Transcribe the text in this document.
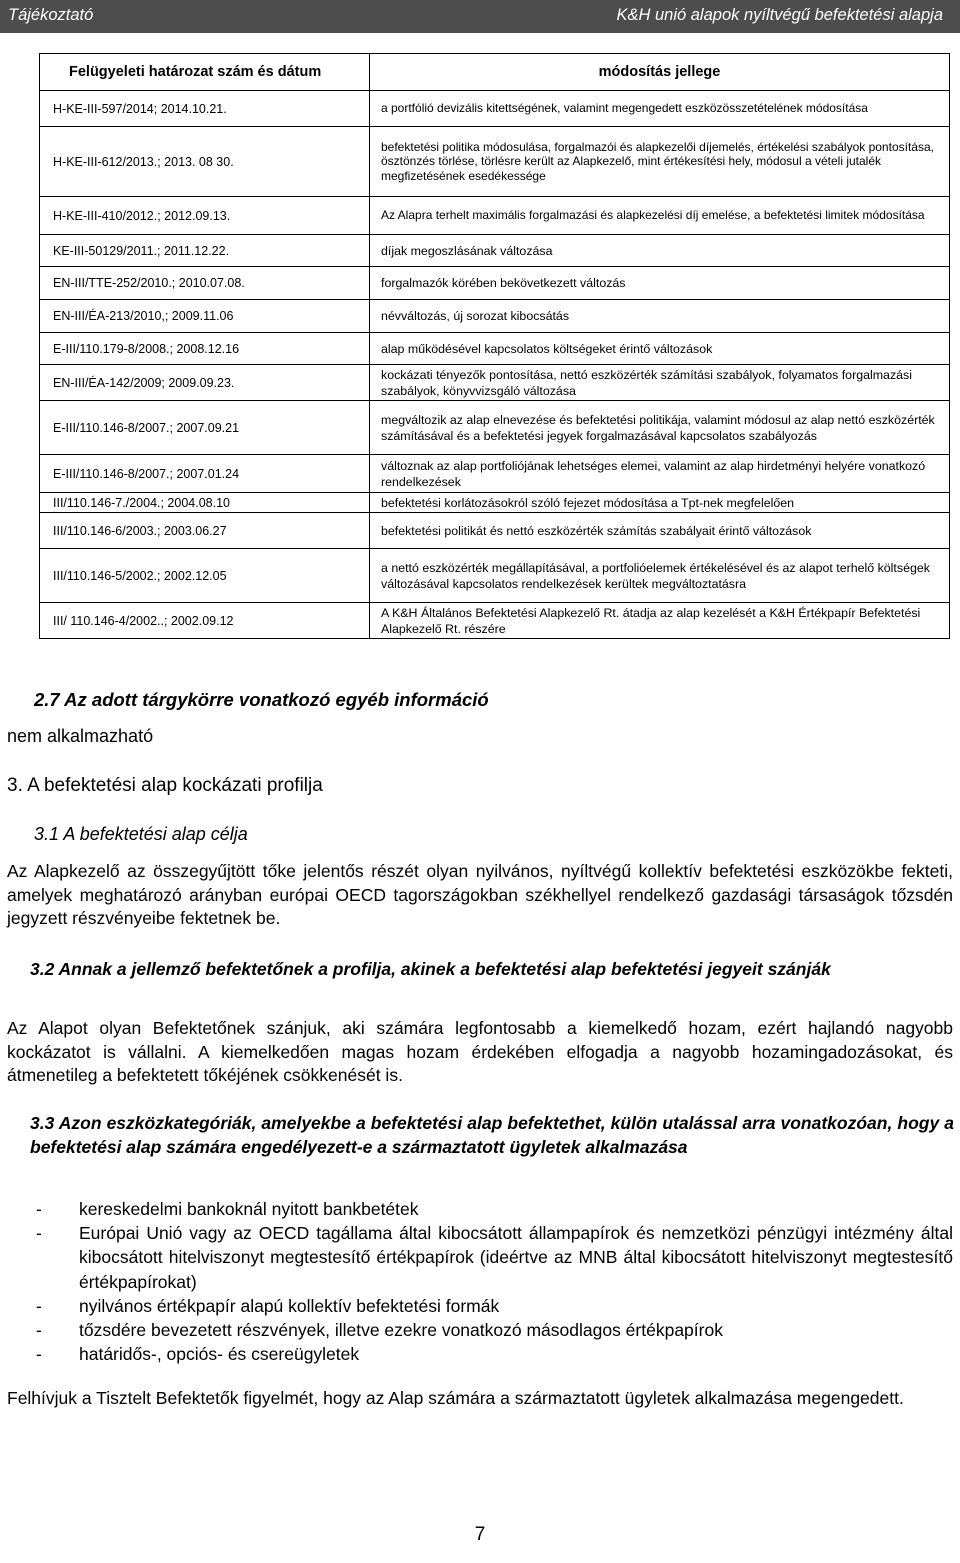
Tájékoztató	K&H unió alapok nyíltvégű befektetési alapja
Felügyeleti határozat szám és dátum	módosítás jellege
H-KE-III-597/2014; 2014.10.21.	a portfólió devizális kitettségének, valamint megengedett eszközösszetételének módosítása

H-KE-III-612/2013.; 2013. 08 30.	befektetési politika módosulása, forgalmazói és alapkezelői díjemelés, értékelési szabályok pontosítása, ösztönzés törlése, törlésre került az Alapkezelő, mint értékesítési hely, módosul a vételi jutalék megfizetésének esedékessége

H-KE-III-410/2012.; 2012.09.13.	Az Alapra terhelt maximális forgalmazási és alapkezelési díj emelése, a befektetési limitek módosítása

KE-III-50129/2011.; 2011.12.22.	díjak megoszlásának változása
EN-III/TTE-252/2010.; 2010.07.08.	forgalmazók körében bekövetkezett változás
EN-III/ÉA-213/2010,; 2009.11.06	névváltozás, új sorozat kibocsátás
E-III/110.179-8/2008.; 2008.12.16	alap működésével kapcsolatos költségeket érintő változások
EN-III/ÉA-142/2009; 2009.09.23.	kockázati tényezők pontosítása, nettó eszközérték számítási szabályok, folyamatos forgalmazási szabályok, könyvvizsgáló változása
E-III/110.146-8/2007.; 2007.09.21	megváltozik az alap elnevezése és befektetési politikája, valamint módosul az alap nettó eszközérték számításával és a befektetési jegyek forgalmazásával kapcsolatos szabályozás
E-III/110.146-8/2007.; 2007.01.24	változnak az alap portfoliójának lehetséges elemei, valamint az alap hirdetményi helyére vonatkozó rendelkezések
III/110.146-7./2004.; 2004.08.10	befektetési korlátozásokról szóló fejezet módosítása a Tpt-nek megfelelően
III/110.146-6/2003.; 2003.06.27	befektetési politikát és nettó eszközérték számítás szabályait érintő változások
III/110.146-5/2002.; 2002.12.05	a nettó eszközérték megállapításával, a portfolióelemek értékelésével és az alapot terhelő költségek változásával kapcsolatos rendelkezések kerültek megváltoztatásra
III/ 110.146-4/2002..; 2002.09.12	A K&H Általános Befektetési Alapkezelő Rt. átadja az alap kezelését a K&H Értékpapír Befektetési Alapkezelő Rt. részére
2.7 Az adott tárgykörre vonatkozó egyéb információ
nem alkalmazható
3. A befektetési alap kockázati profilja
3.1 A befektetési alap célja
Az Alapkezelő az összegyűjtött tőke jelentős részét olyan nyilvános, nyíltvégű kollektív befektetési eszközökbe fekteti, amelyek meghatározó arányban európai OECD tagországokban székhellyel rendelkező gazdasági társaságok tőzsdén jegyzett részvényeibe fektetnek be.
3.2 Annak a jellemző befektetőnek a profilja, akinek a befektetési alap befektetési jegyeit szánják
Az Alapot olyan Befektetőnek szánjuk, aki számára legfontosabb a kiemelkedő hozam, ezért hajlandó nagyobb kockázatot is vállalni. A kiemelkedően magas hozam érdekében elfogadja a nagyobb hozamingadozásokat, és átmenetileg a befektetett tőkéjének csökkenését is.
3.3 Azon eszközkategóriák, amelyekbe a befektetési alap befektethet, külön utalással arra vonatkozóan, hogy a befektetési alap számára engedélyezett-e a származtatott ügyletek alkalmazása
- kereskedelmi bankoknál nyitott bankbetétek
- Európai Unió vagy az OECD tagállama által kibocsátott állampapírok és nemzetközi pénzügyi intézmény által kibocsátott hitelviszonyt megtestesítő értékpapírok (ideértve az MNB által kibocsátott hitelviszonyt megtestesítő értékpapírokat)
- nyilvános értékpapír alapú kollektív befektetési formák
- tőzsdére bevezetett részvények, illetve ezekre vonatkozó másodlagos értékpapírok
- határidős-, opciós- és csereügyletek
Felhívjuk a Tisztelt Befektetők figyelmét, hogy az Alap számára a származtatott ügyletek alkalmazása megengedett.
7
